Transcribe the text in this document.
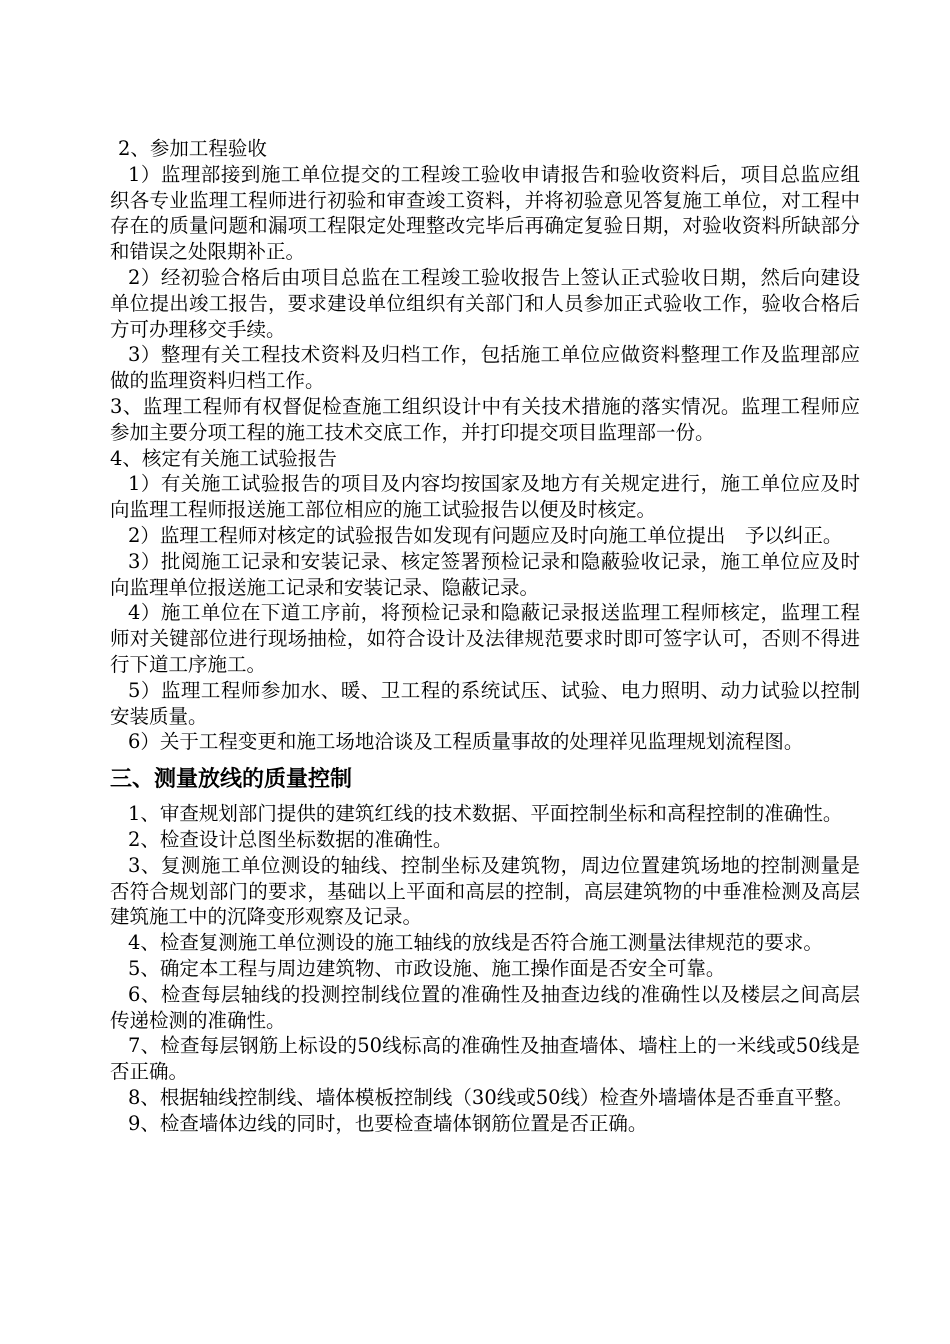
2、参加工程验收

1）监理部接到施工单位提交的工程竣工验收申请报告和验收资料后，项目总监应组织各专业监理工程师进行初验和审查竣工资料，并将初验意见答复施工单位，对工程中存在的质量问题和漏项工程限定处理整改完毕后再确定复验日期，对验收资料所缺部分和错误之处限期补正。

2）经初验合格后由项目总监在工程竣工验收报告上签认正式验收日期，然后向建设单位提出竣工报告，要求建设单位组织有关部门和人员参加正式验收工作，验收合格后方可办理移交手续。

3）整理有关工程技术资料及归档工作，包括施工单位应做资料整理工作及监理部应做的监理资料归档工作。

3、监理工程师有权督促检查施工组织设计中有关技术措施的落实情况。监理工程师应参加主要分项工程的施工技术交底工作，并打印提交项目监理部一份。

4、核定有关施工试验报告

1）有关施工试验报告的项目及内容均按国家及地方有关规定进行，施工单位应及时向监理工程师报送施工部位相应的施工试验报告以便及时核定。

2）监理工程师对核定的试验报告如发现有问题应及时向施工单位提出　予以纠正。

3）批阅施工记录和安装记录、核定签署预检记录和隐蔽验收记录，施工单位应及时向监理单位报送施工记录和安装记录、隐蔽记录。

4）施工单位在下道工序前，将预检记录和隐蔽记录报送监理工程师核定，监理工程师对关键部位进行现场抽检，如符合设计及法律规范要求时即可签字认可，否则不得进行下道工序施工。

5）监理工程师参加水、暖、卫工程的系统试压、试验、电力照明、动力试验以控制安装质量。

6）关于工程变更和施工场地洽谈及工程质量事故的处理祥见监理规划流程图。

三、测量放线的质量控制

1、审查规划部门提供的建筑红线的技术数据、平面控制坐标和高程控制的准确性。

2、检查设计总图坐标数据的准确性。

3、复测施工单位测设的轴线、控制坐标及建筑物，周边位置建筑场地的控制测量是否符合规划部门的要求，基础以上平面和高层的控制，高层建筑物的中垂准检测及高层建筑施工中的沉降变形观察及记录。

4、检查复测施工单位测设的施工轴线的放线是否符合施工测量法律规范的要求。

5、确定本工程与周边建筑物、市政设施、施工操作面是否安全可靠。

6、检查每层轴线的投测控制线位置的准确性及抽查边线的准确性以及楼层之间高层传递检测的准确性。

7、检查每层钢筋上标设的50线标高的准确性及抽查墙体、墙柱上的一米线或50线是否正确。

8、根据轴线控制线、墙体模板控制线（30线或50线）检查外墙墙体是否垂直平整。

9、检查墙体边线的同时，也要检查墙体钢筋位置是否正确。
